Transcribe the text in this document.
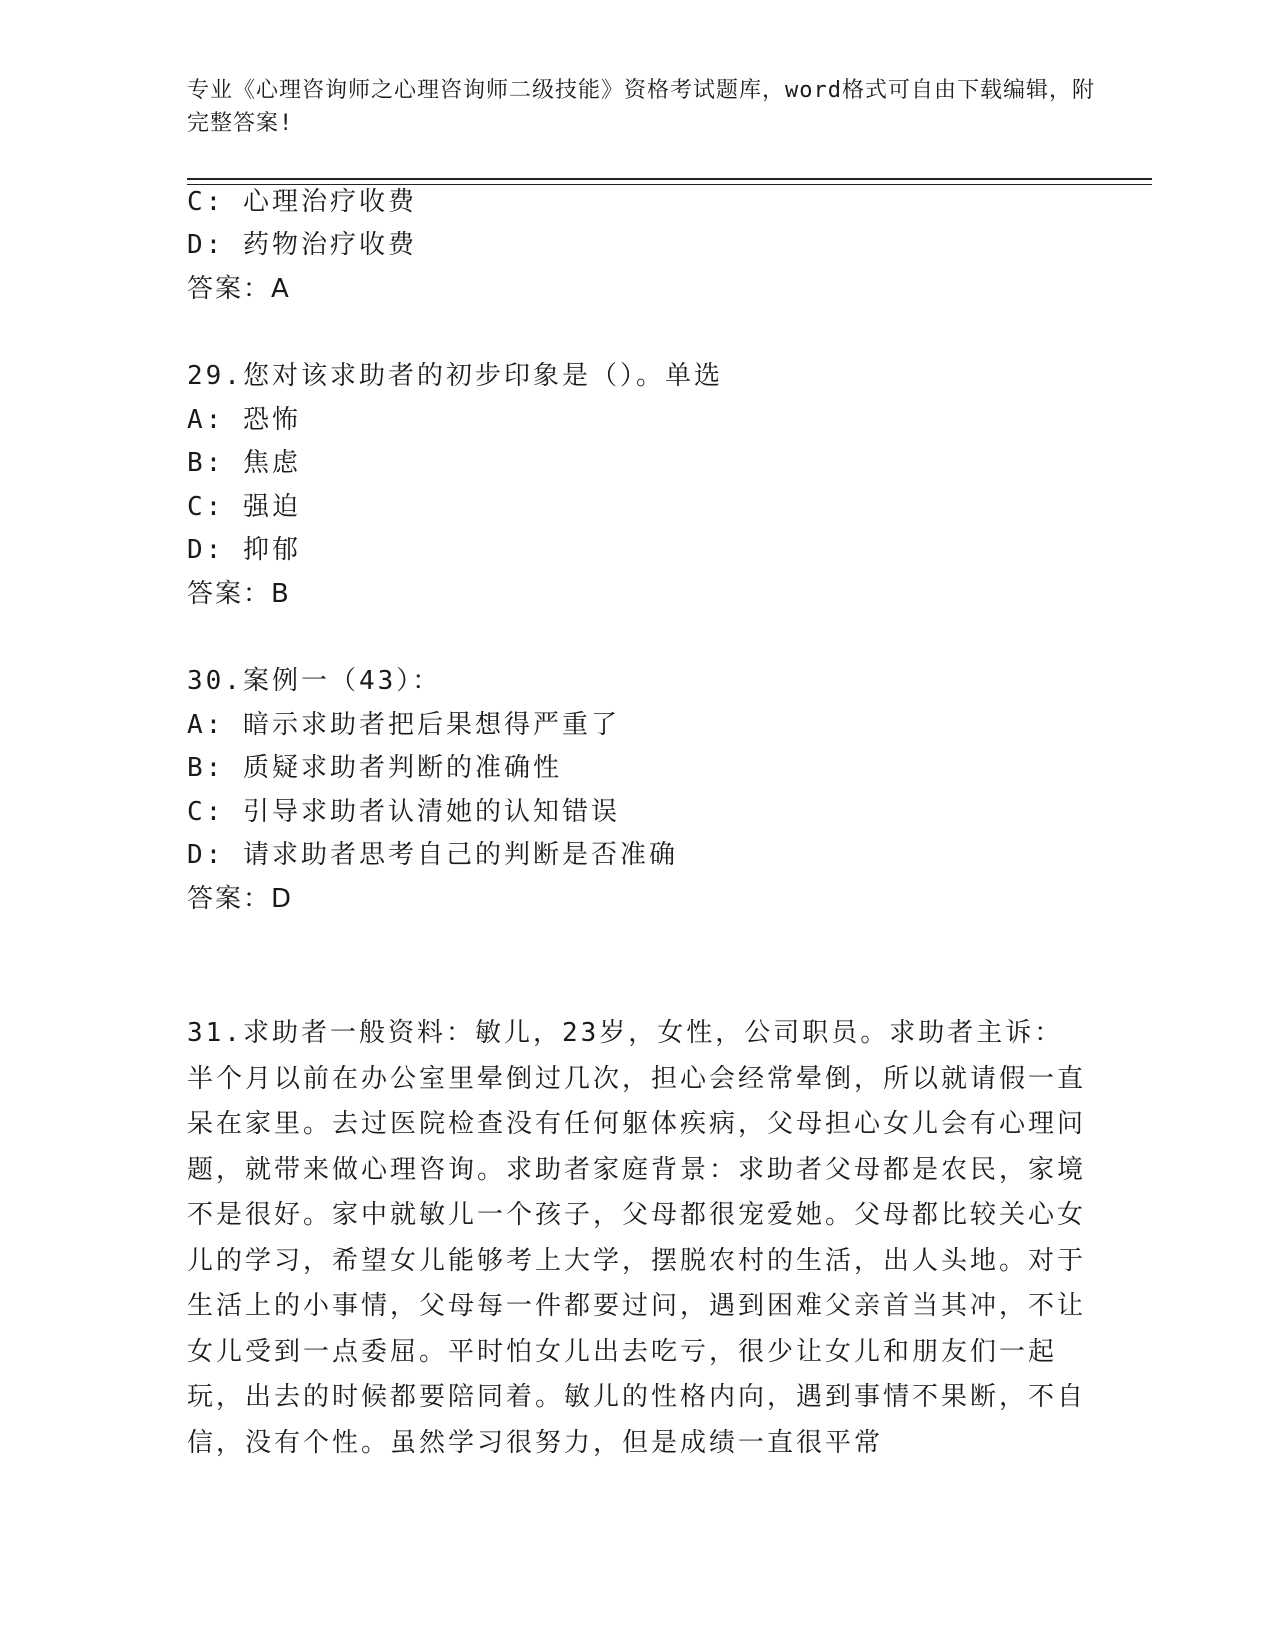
专业《心理咨询师之心理咨询师二级技能》资格考试题库，word格式可自由下载编辑，附完整答案!
C: 心理治疗收费
D: 药物治疗收费
答案：A
29.您对该求助者的初步印象是（）。单选
A: 恐怖
B: 焦虑
C: 强迫
D: 抑郁
答案：B
30.案例一（43）：
A: 暗示求助者把后果想得严重了
B: 质疑求助者判断的准确性
C: 引导求助者认清她的认知错误
D: 请求助者思考自己的判断是否准确
答案：D
31.求助者一般资料：敏儿，23岁，女性，公司职员。求助者主诉：半个月以前在办公室里晕倒过几次，担心会经常晕倒，所以就请假一直呆在家里。去过医院检查没有任何躯体疾病，父母担心女儿会有心理问题，就带来做心理咨询。求助者家庭背景：求助者父母都是农民，家境不是很好。家中就敏儿一个孩子，父母都很宠爱她。父母都比较关心女儿的学习，希望女儿能够考上大学，摆脱农村的生活，出人头地。对于生活上的小事情，父母每一件都要过问，遇到困难父亲首当其冲，不让女儿受到一点委屈。平时怕女儿出去吃亏，很少让女儿和朋友们一起玩，出去的时候都要陪同着。敏儿的性格内向，遇到事情不果断，不自信，没有个性。虽然学习很努力，但是成绩一直很平常
